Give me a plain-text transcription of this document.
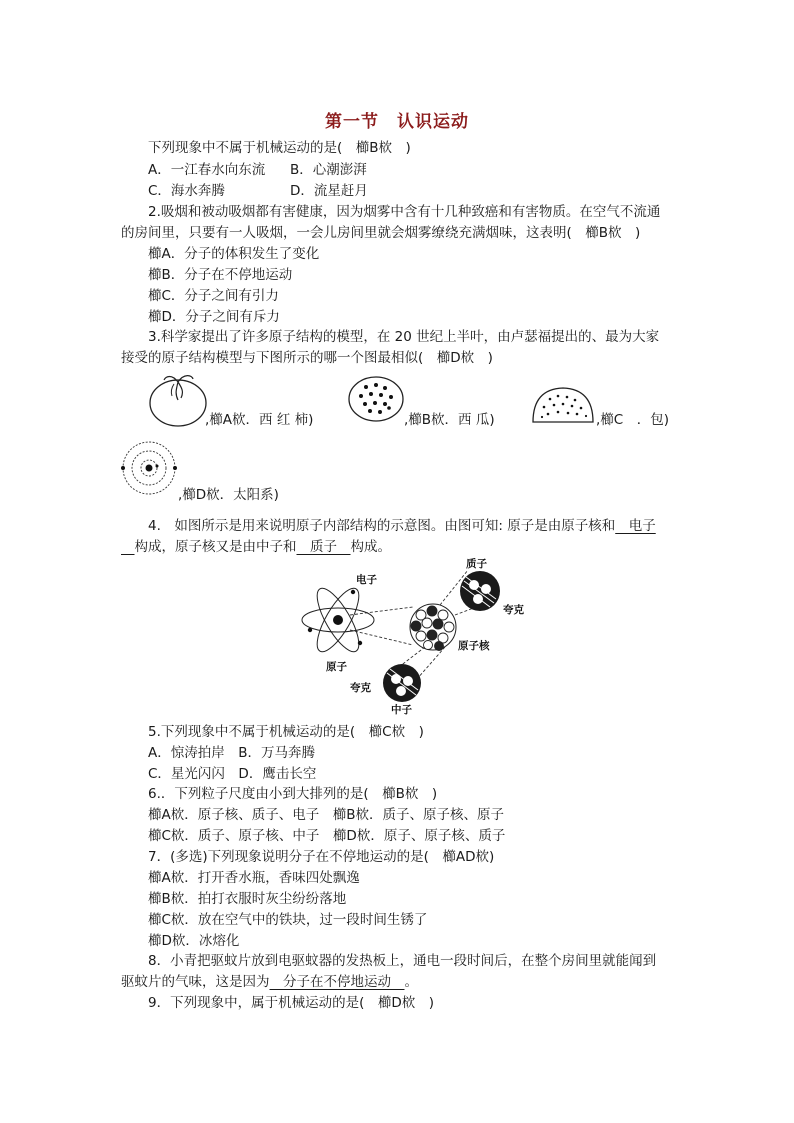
第一节　认识运动
下列现象中不属于机械运动的是(　櫛B栨　)
A．一江春水向东流 B．心潮澎湃
C．海水奔腾	D．流星赶月
2.吸烟和被动吸烟都有害健康，因为烟雾中含有十几种致癌和有害物质。在空气不流通
的房间里，只要有一人吸烟，一会儿房间里就会烟雾缭绕充满烟味，这表明(　櫛B栨　)
櫛A．分子的体积发生了变化
櫛B．分子在不停地运动
櫛C．分子之间有引力
櫛D．分子之间有斥力
3.科学家提出了许多原子结构的模型，在 20 世纪上半叶，由卢瑟福提出的、最为大家
接受的原子结构模型与下图所示的哪一个图最相似(　櫛D栨　)
,櫛A栨．西 红 柿)	,櫛B栨．西 瓜)	,櫛C　．包)
,櫛D栨．太阳系)
4.　如图所示是用来说明原子内部结构的示意图。由图可知: 原子是由原子核和　电子
　构成，原子核又是由中子和　质子　构成。
电子
质子
夸克
原子核
原子
夸克
中子
5.下列现象中不属于机械运动的是(　櫛C栨　)
A．惊涛拍岸　B．万马奔腾
C．星光闪闪　D．鹰击长空
6.．下列粒子尺度由小到大排列的是(　櫛B栨　)
櫛A栨．原子核、质子、电子　櫛B栨．质子、原子核、原子
櫛C栨．质子、原子核、中子　櫛D栨．原子、原子核、质子
7．(多选)下列现象说明分子在不停地运动的是(　櫛AD栨)
櫛A栨．打开香水瓶，香味四处飘逸
櫛B栨．拍打衣服时灰尘纷纷落地
櫛C栨．放在空气中的铁块，过一段时间生锈了
櫛D栨．冰熔化
8．小青把驱蚊片放到电驱蚊器的发热板上，通电一段时间后，在整个房间里就能闻到
驱蚊片的气味，这是因为　分子在不停地运动　。
9．下列现象中，属于机械运动的是(　櫛D栨　)
